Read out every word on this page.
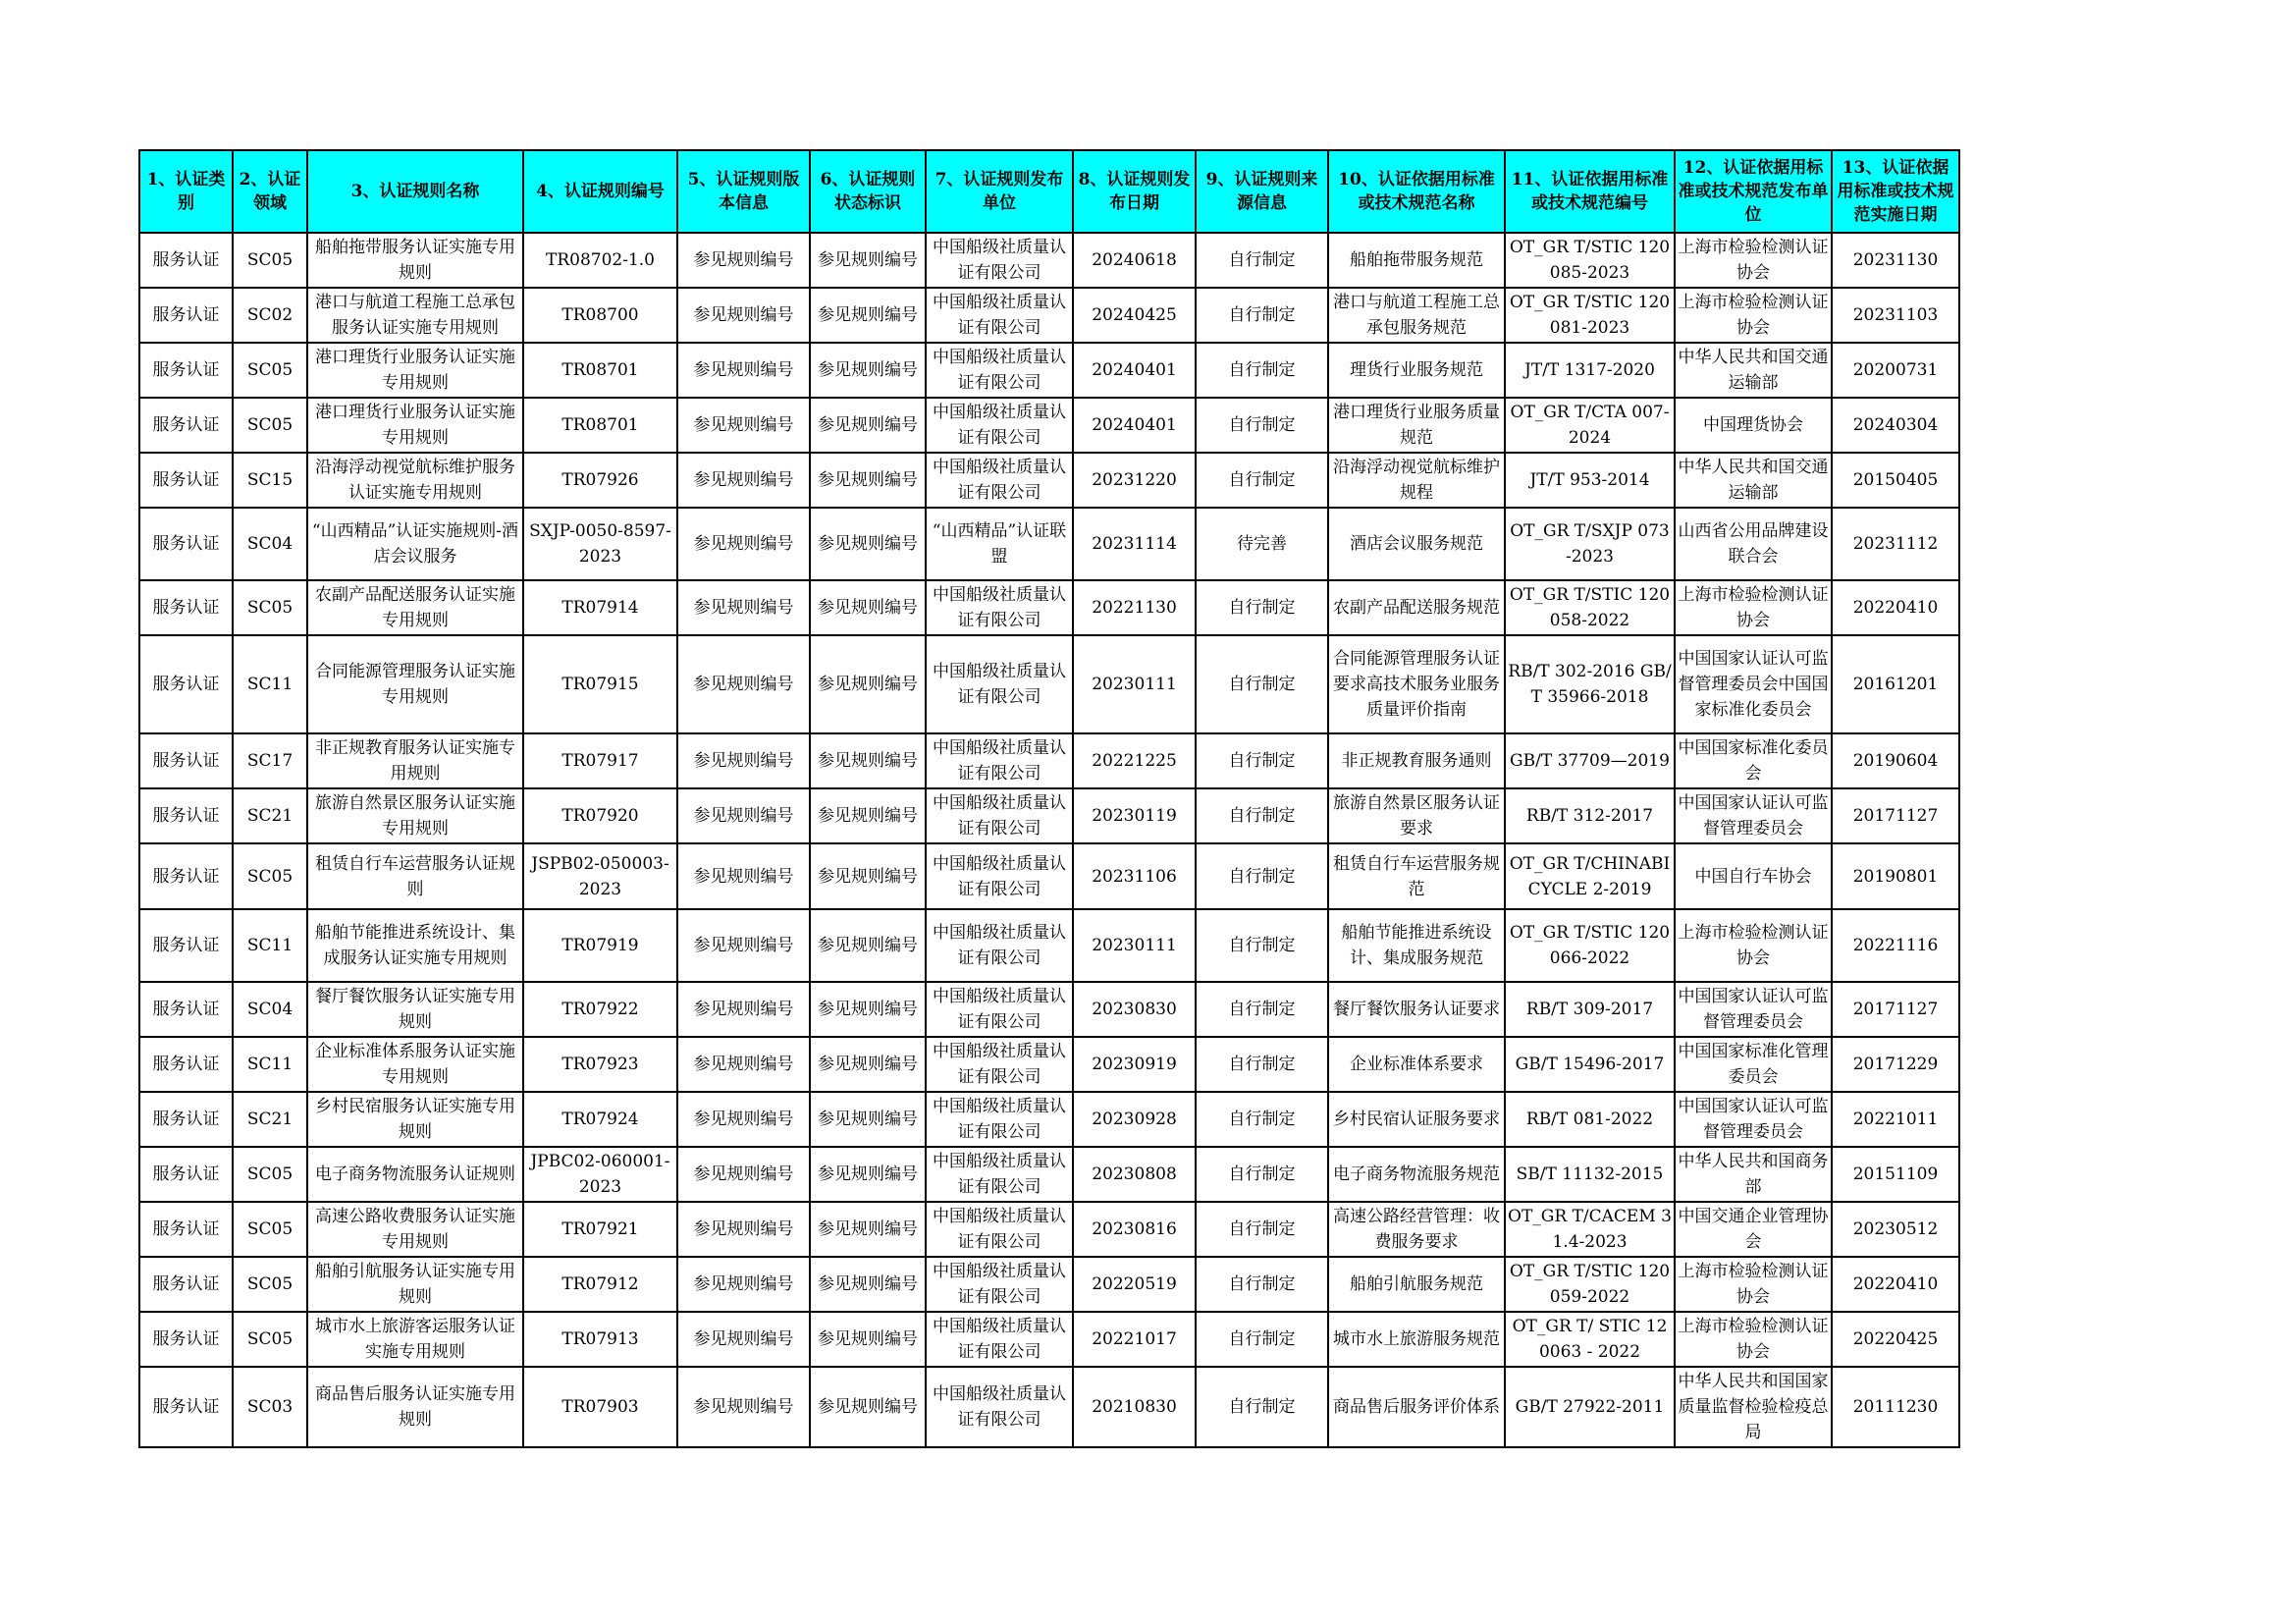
1、认证类别	2、认证领域	3、认证规则名称	4、认证规则编号	5、认证规则版本信息	6、认证规则状态标识	7、认证规则发布单位	8、认证规则发布日期	9、认证规则来源信息	10、认证依据用标准或技术规范名称	11、认证依据用标准或技术规范编号	12、认证依据用标准或技术规范发布单位	13、认证依据用标准或技术规范实施日期
服务认证	SC05	船舶拖带服务认证实施专用规则	TR08702-1.0	参见规则编号	参见规则编号	中国船级社质量认证有限公司	20240618	自行制定	船舶拖带服务规范	OT_GR T/STIC 120085-2023	上海市检验检测认证协会	20231130
服务认证	SC02	港口与航道工程施工总承包服务认证实施专用规则	TR08700	参见规则编号	参见规则编号	中国船级社质量认证有限公司	20240425	自行制定	港口与航道工程施工总承包服务规范	OT_GR T/STIC 120081-2023	上海市检验检测认证协会	20231103
服务认证	SC05	港口理货行业服务认证实施专用规则	TR08701	参见规则编号	参见规则编号	中国船级社质量认证有限公司	20240401	自行制定	理货行业服务规范	JT/T 1317-2020	中华人民共和国交通运输部	20200731
服务认证	SC05	港口理货行业服务认证实施专用规则	TR08701	参见规则编号	参见规则编号	中国船级社质量认证有限公司	20240401	自行制定	港口理货行业服务质量规范	OT_GR T/CTA 007-2024	中国理货协会	20240304
服务认证	SC15	沿海浮动视觉航标维护服务认证实施专用规则	TR07926	参见规则编号	参见规则编号	中国船级社质量认证有限公司	20231220	自行制定	沿海浮动视觉航标维护规程	JT/T 953-2014	中华人民共和国交通运输部	20150405
服务认证	SC04	“山西精品”认证实施规则-酒店会议服务	SXJP-0050-8597-2023	参见规则编号	参见规则编号	“山西精品”认证联盟	20231114	待完善	酒店会议服务规范	OT_GR T/SXJP 073-2023	山西省公用品牌建设联合会	20231112
服务认证	SC05	农副产品配送服务认证实施专用规则	TR07914	参见规则编号	参见规则编号	中国船级社质量认证有限公司	20221130	自行制定	农副产品配送服务规范	OT_GR T/STIC 120058-2022	上海市检验检测认证协会	20220410
服务认证	SC11	合同能源管理服务认证实施专用规则	TR07915	参见规则编号	参见规则编号	中国船级社质量认证有限公司	20230111	自行制定	合同能源管理服务认证要求高技术服务业服务质量评价指南	RB/T 302-2016 GB/T 35966-2018	中国国家认证认可监督管理委员会中国国家标准化委员会	20161201
服务认证	SC17	非正规教育服务认证实施专用规则	TR07917	参见规则编号	参见规则编号	中国船级社质量认证有限公司	20221225	自行制定	非正规教育服务通则	GB/T 37709—2019	中国国家标准化委员会	20190604
服务认证	SC21	旅游自然景区服务认证实施专用规则	TR07920	参见规则编号	参见规则编号	中国船级社质量认证有限公司	20230119	自行制定	旅游自然景区服务认证要求	RB/T 312-2017	中国国家认证认可监督管理委员会	20171127
服务认证	SC05	租赁自行车运营服务认证规则	JSPB02-050003-2023	参见规则编号	参见规则编号	中国船级社质量认证有限公司	20231106	自行制定	租赁自行车运营服务规范	OT_GR T/CHINABICYCLE 2-2019	中国自行车协会	20190801
服务认证	SC11	船舶节能推进系统设计、集成服务认证实施专用规则	TR07919	参见规则编号	参见规则编号	中国船级社质量认证有限公司	20230111	自行制定	船舶节能推进系统设计、集成服务规范	OT_GR T/STIC 120066-2022	上海市检验检测认证协会	20221116
服务认证	SC04	餐厅餐饮服务认证实施专用规则	TR07922	参见规则编号	参见规则编号	中国船级社质量认证有限公司	20230830	自行制定	餐厅餐饮服务认证要求	RB/T 309-2017	中国国家认证认可监督管理委员会	20171127
服务认证	SC11	企业标准体系服务认证实施专用规则	TR07923	参见规则编号	参见规则编号	中国船级社质量认证有限公司	20230919	自行制定	企业标准体系要求	GB/T 15496-2017	中国国家标准化管理委员会	20171229
服务认证	SC21	乡村民宿服务认证实施专用规则	TR07924	参见规则编号	参见规则编号	中国船级社质量认证有限公司	20230928	自行制定	乡村民宿认证服务要求	RB/T 081-2022	中国国家认证认可监督管理委员会	20221011
服务认证	SC05	电子商务物流服务认证规则	JPBC02-060001-2023	参见规则编号	参见规则编号	中国船级社质量认证有限公司	20230808	自行制定	电子商务物流服务规范	SB/T 11132-2015	中华人民共和国商务部	20151109
服务认证	SC05	高速公路收费服务认证实施专用规则	TR07921	参见规则编号	参见规则编号	中国船级社质量认证有限公司	20230816	自行制定	高速公路经营管理：收费服务要求	OT_GR T/CACEM 31.4-2023	中国交通企业管理协会	20230512
服务认证	SC05	船舶引航服务认证实施专用规则	TR07912	参见规则编号	参见规则编号	中国船级社质量认证有限公司	20220519	自行制定	船舶引航服务规范	OT_GR T/STIC 120059-2022	上海市检验检测认证协会	20220410
服务认证	SC05	城市水上旅游客运服务认证实施专用规则	TR07913	参见规则编号	参见规则编号	中国船级社质量认证有限公司	20221017	自行制定	城市水上旅游服务规范	OT_GR T/ STIC 120063 - 2022	上海市检验检测认证协会	20220425
服务认证	SC03	商品售后服务认证实施专用规则	TR07903	参见规则编号	参见规则编号	中国船级社质量认证有限公司	20210830	自行制定	商品售后服务评价体系	GB/T 27922-2011	中华人民共和国国家质量监督检验检疫总局	20111230
